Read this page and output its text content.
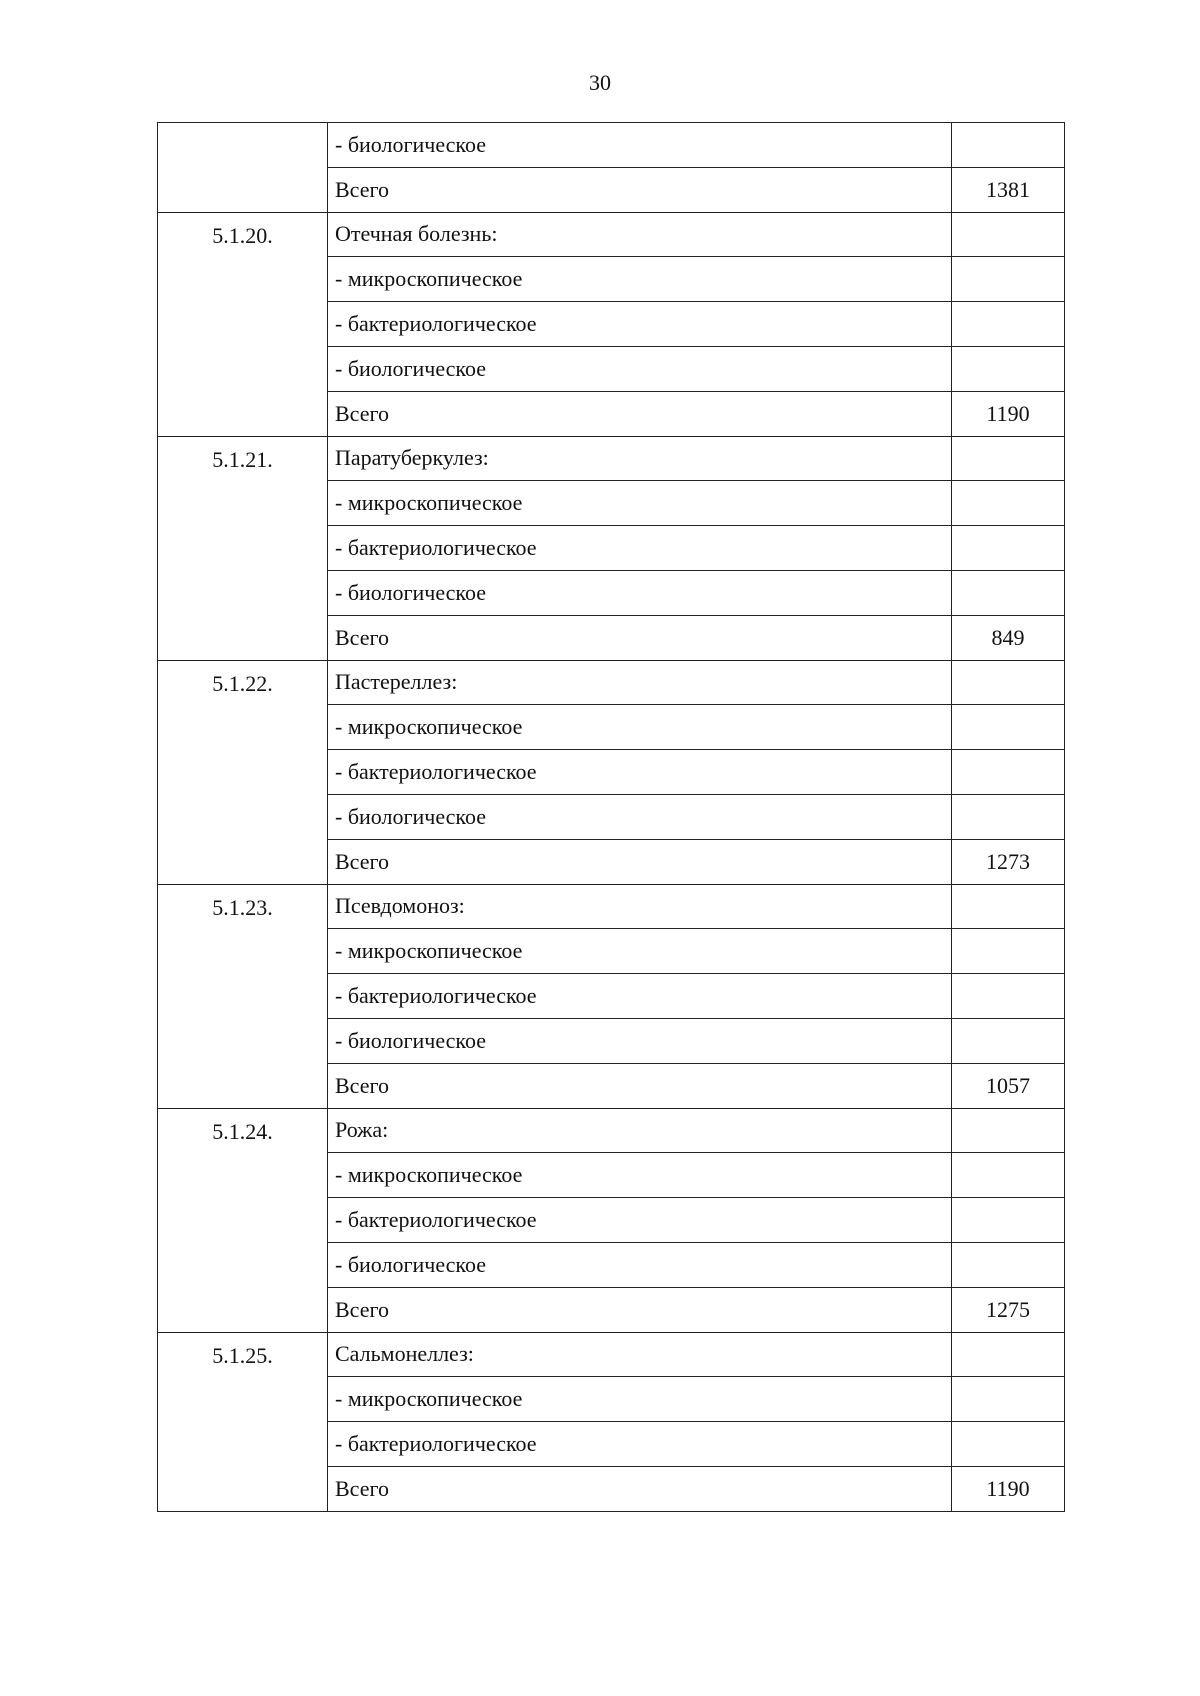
30
	- биологическое	
	Всего	1381
5.1.20.	Отечная болезнь:	
	- микроскопическое	
	- бактериологическое	
	- биологическое	
	Всего	1190
5.1.21.	Паратуберкулез:	
	- микроскопическое	
	- бактериологическое	
	- биологическое	
	Всего	849
5.1.22.	Пастереллез:	
	- микроскопическое	
	- бактериологическое	
	- биологическое	
	Всего	1273
5.1.23.	Псевдомоноз:	
	- микроскопическое	
	- бактериологическое	
	- биологическое	
	Всего	1057
5.1.24.	Рожа:	
	- микроскопическое	
	- бактериологическое	
	- биологическое	
	Всего	1275
5.1.25.	Сальмонеллез:	
	- микроскопическое	
	- бактериологическое	
	Всего	1190
